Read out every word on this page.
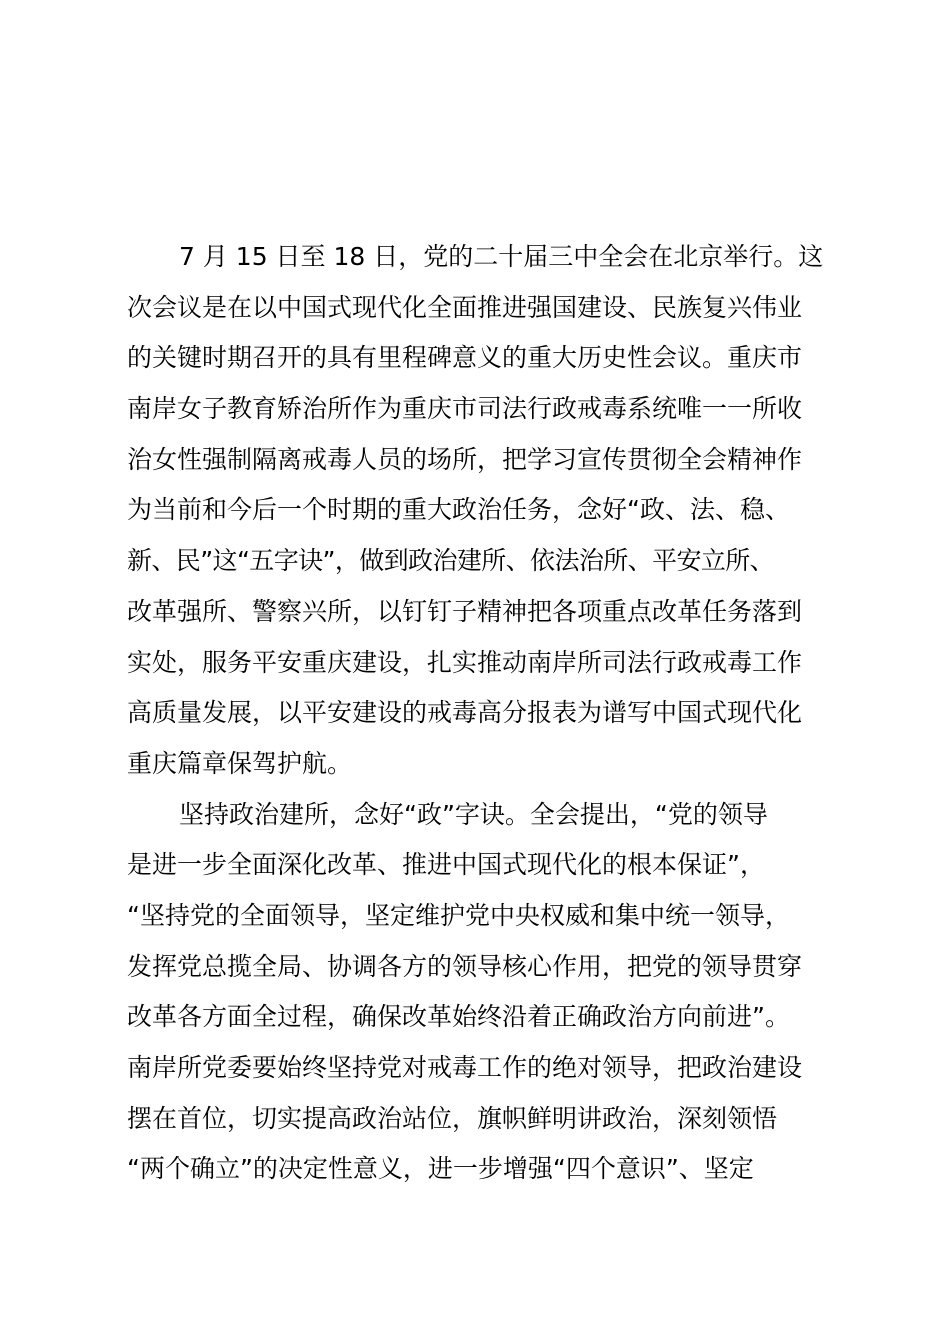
7 月 15 日至 18 日，党的二十届三中全会在北京举行。这
次会议是在以中国式现代化全面推进强国建设、民族复兴伟业
的关键时期召开的具有里程碑意义的重大历史性会议。重庆市
南岸女子教育矫治所作为重庆市司法行政戒毒系统唯一一所收
治女性强制隔离戒毒人员的场所，把学习宣传贯彻全会精神作
为当前和今后一个时期的重大政治任务，念好“政、法、稳、
新、民”这“五字诀”，做到政治建所、依法治所、平安立所、
改革强所、警察兴所，以钉钉子精神把各项重点改革任务落到
实处，服务平安重庆建设，扎实推动南岸所司法行政戒毒工作
高质量发展，以平安建设的戒毒高分报表为谱写中国式现代化
重庆篇章保驾护航。
坚持政治建所，念好“政”字诀。全会提出，“党的领导
是进一步全面深化改革、推进中国式现代化的根本保证”，
“坚持党的全面领导，坚定维护党中央权威和集中统一领导，
发挥党总揽全局、协调各方的领导核心作用，把党的领导贯穿
改革各方面全过程，确保改革始终沿着正确政治方向前进”。
南岸所党委要始终坚持党对戒毒工作的绝对领导，把政治建设
摆在首位，切实提高政治站位，旗帜鲜明讲政治，深刻领悟
“两个确立”的决定性意义，进一步增强“四个意识”、坚定
